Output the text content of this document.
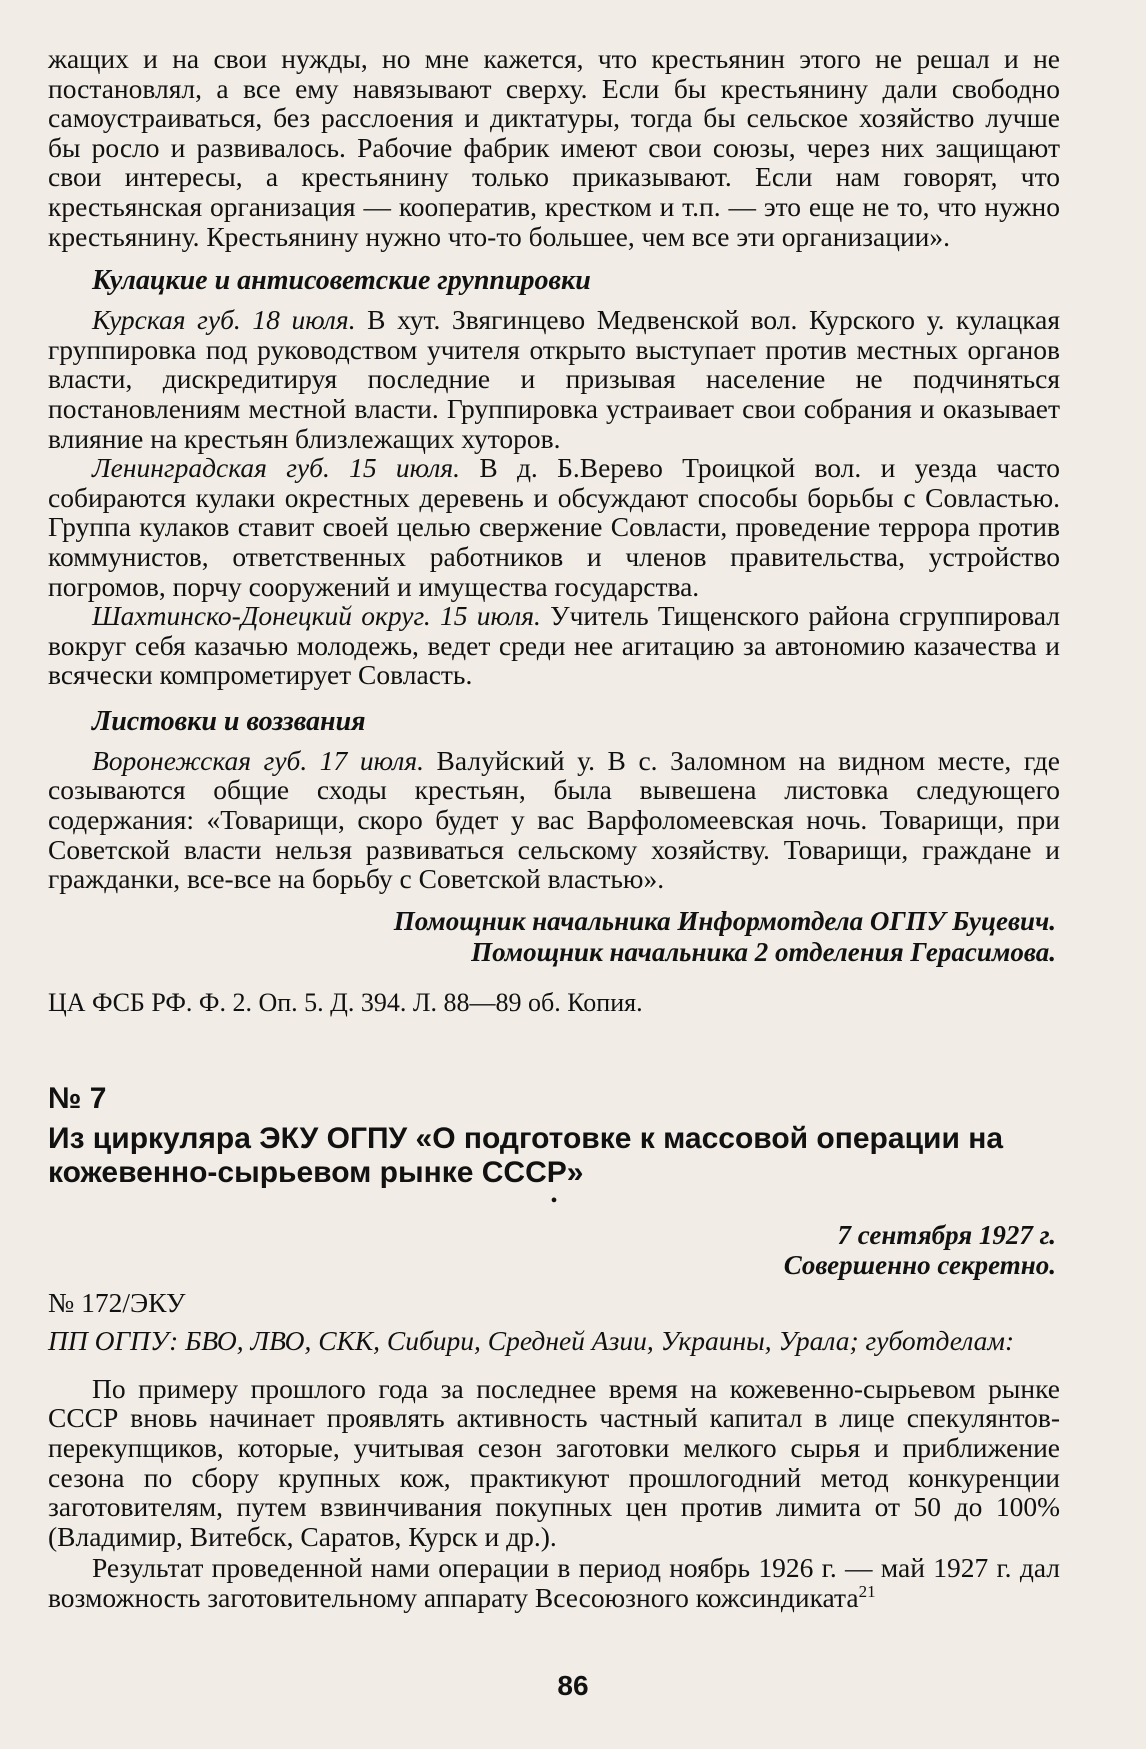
жащих и на свои нужды, но мне кажется, что крестьянин этого не решал и не постановлял, а все ему навязывают сверху. Если бы крестьянину дали свободно самоустраиваться, без расслоения и диктатуры, тогда бы сельское хозяйство лучше бы росло и развивалось. Рабочие фабрик имеют свои союзы, через них защищают свои интересы, а крестьянину только приказывают. Если нам говорят, что крестьянская организация — кооператив, крестком и т.п. — это еще не то, что нужно крестьянину. Крестьянину нужно что-то большее, чем все эти организации».

Кулацкие и антисоветские группировки

Курская губ. 18 июля. В хут. Звягинцево Медвенской вол. Курского у. кулацкая группировка под руководством учителя открыто выступает против местных органов власти, дискредитируя последние и призывая население не подчиняться постановлениям местной власти. Группировка устраивает свои собрания и оказывает влияние на крестьян близлежащих хуторов.

Ленинградская губ. 15 июля. В д. Б.Верево Троицкой вол. и уезда часто собираются кулаки окрестных деревень и обсуждают способы борьбы с Совластью. Группа кулаков ставит своей целью свержение Совласти, проведение террора против коммунистов, ответственных работников и членов правительства, устройство погромов, порчу сооружений и имущества государства.

Шахтинско-Донецкий округ. 15 июля. Учитель Тищенского района сгруппировал вокруг себя казачью молодежь, ведет среди нее агитацию за автономию казачества и всячески компрометирует Совласть.

Листовки и воззвания

Воронежская губ. 17 июля. Валуйский у. В с. Заломном на видном месте, где созываются общие сходы крестьян, была вывешена листовка следующего содержания: «Товарищи, скоро будет у вас Варфоломеевская ночь. Товарищи, при Советской власти нельзя развиваться сельскому хозяйству. Товарищи, граждане и гражданки, все-все на борьбу с Советской властью».

Помощник начальника Информотдела ОГПУ Буцевич.

Помощник начальника 2 отделения Герасимова.

ЦА ФСБ РФ. Ф. 2. Оп. 5. Д. 394. Л. 88—89 об. Копия.

№ 7

Из циркуляра ЭКУ ОГПУ «О подготовке к массовой операции на кожевенно-сырьевом рынке СССР»

•

7 сентября 1927 г.

Совершенно секретно.

№ 172/ЭКУ

ПП ОГПУ: БВО, ЛВО, СКК, Сибири, Средней Азии, Украины, Урала; губотделам:

По примеру прошлого года за последнее время на кожевенно-сырьевом рынке СССР вновь начинает проявлять активность частный капитал в лице спекулянтов-перекупщиков, которые, учитывая сезон заготовки мелкого сырья и приближение сезона по сбору крупных кож, практикуют прошлогодний метод конкуренции заготовителям, путем взвинчивания покупных цен против лимита от 50 до 100% (Владимир, Витебск, Саратов, Курск и др.).

Результат проведенной нами операции в период ноябрь 1926 г. — май 1927 г. дал возможность заготовительному аппарату Всесоюзного кожсиндиката$^{21}$

86
